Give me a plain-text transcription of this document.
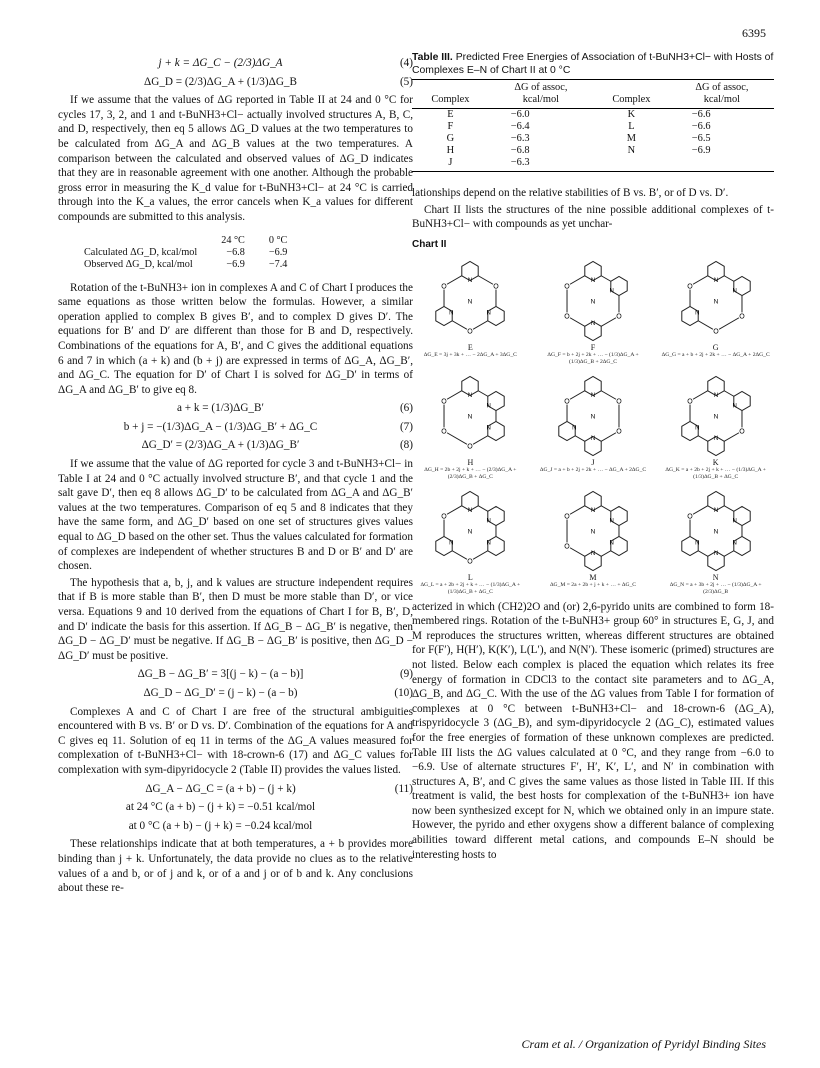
6395
j + k = ΔG_C − (2/3)ΔG_A	(4)
ΔG_D = (2/3)ΔG_A + (1/3)ΔG_B	(5)

If we assume that the values of ΔG reported in Table II at 24 and 0 °C for cycles 17, 3, 2, and 1 and t-BuNH3+Cl− actually involved structures A, B, C, and D, respectively, then eq 5 allows ΔG_D values at the two temperatures to be calculated from ΔG_A and ΔG_B values at the two temperatures. A comparison between the calculated and observed values of ΔG_D indicates that they are in reasonable agreement with one another. Although the probable gross error in measuring the K_d value for t-BuNH3+Cl− at 24 °C is carried through into the K_a values, the error cancels when K_a values for different compounds are submitted to this analysis.

	24 °C	0 °C
Calculated ΔG_D, kcal/mol	−6.8	−6.9
Observed ΔG_D, kcal/mol	−6.9	−7.4

Rotation of the t-BuNH3+ ion in complexes A and C of Chart I produces the same equations as those written below the formulas. However, a similar operation applied to complex B gives B′, and to complex D gives D′. The equations for B′ and D′ are different than those for B and D, respectively. Combinations of the equations for A, B′, and C gives the additional equations 6 and 7 in which (a + k) and (b + j) are expressed in terms of ΔG_A, ΔG_B′, and ΔG_C. The equation for D′ of Chart I is solved for ΔG_D′ in terms of ΔG_A and ΔG_B′ to give eq 8.

a + k = (1/3)ΔG_B′	(6)
b + j = −(1/3)ΔG_A − (1/3)ΔG_B′ + ΔG_C	(7)
ΔG_D′ = (2/3)ΔG_A + (1/3)ΔG_B′	(8)

If we assume that the value of ΔG reported for cycle 3 and t-BuNH3+Cl− in Table I at 24 and 0 °C actually involved structure B′, and that cycle 1 and the salt gave D′, then eq 8 allows ΔG_D′ to be calculated from ΔG_A and ΔG_B′ values at the two temperatures. Comparison of eq 5 and 8 indicates that they have the same form, and ΔG_D′ based on one set of structures gives values equal to ΔG_D based on the other set. Thus the values calculated for formation of complexes are independent of whether structures B and D or B′ and D′ are chosen.

The hypothesis that a, b, j, and k values are structure independent requires that if B is more stable than B′, then D must be more stable than D′, or vice versa. Equations 9 and 10 derived from the equations of Chart I for B, B′, D, and D′ indicate the basis for this assertion. If ΔG_B − ΔG_B′ is negative, then ΔG_D − ΔG_D′ must be negative. If ΔG_B − ΔG_B′ is positive, then ΔG_D − ΔG_D′ must be positive.

ΔG_B − ΔG_B′ = 3[(j − k) − (a − b)]	(9)
ΔG_D − ΔG_D′ = (j − k) − (a − b)	(10)

Complexes A and C of Chart I are free of the structural ambiguities encountered with B vs. B′ or D vs. D′. Combination of the equations for A and C gives eq 11. Solution of eq 11 in terms of the ΔG_A values measured for complexation of t-BuNH3+Cl− with 18-crown-6 (17) and ΔG_C values for complexation with sym-dipyridocycle 2 (Table II) provides the values listed.

ΔG_A − ΔG_C = (a + b) − (j + k)	(11)
at 24 °C (a + b) − (j + k) = −0.51 kcal/mol
at 0 °C (a + b) − (j + k) = −0.24 kcal/mol

These relationships indicate that at both temperatures, a + b provides more binding than j + k. Unfortunately, the data provide no clues as to the relative values of a and b, or of j and k, or of a and j or of b and k. Any conclusions about these re-

Table III. Predicted Free Energies of Association of t-BuNH3+Cl− with Hosts of Complexes E–N of Chart II at 0 °C
	ΔG of assoc,		ΔG of assoc,
Complex	kcal/mol	Complex	kcal/mol
E	−6.0	K	−6.6
F	−6.4	L	−6.6
G	−6.3	M	−6.5
H	−6.8	N	−6.9
J	−6.3		

lationships depend on the relative stabilities of B vs. B′, or of D vs. D′.

Chart II lists the structures of the nine possible additional complexes of t-BuNH3+Cl− with compounds as yet unchar-

Chart II
N
O
N
O
N
O
N
E
ΔG_E = 3j + 3k + … − 2ΔG_A + 3ΔG_C
N
N
O
N
O
O
N
F
ΔG_F = b + 2j + 2k + … − (1/3)ΔG_A + (1/3)ΔG_B + 2ΔG_C
N
N
O
O
N
O
N
G
ΔG_G = a + b + 2j + 2k + … − ΔG_A + 2ΔG_C
N
N
N
O
O
O
N
H
ΔG_H = 2b + 2j + k + … − (2/3)ΔG_A + (2/3)ΔG_B + ΔG_C
N
O
O
N
N
O
N
J
ΔG_J = a + b + 2j + 2k + … − ΔG_A + 2ΔG_C
N
N
O
N
N
O
N
K
ΔG_K = a + 2b + 2j + k + … − (1/3)ΔG_A + (1/3)ΔG_B + ΔG_C
N
N
N
O
N
O
N
L
ΔG_L = a + 2b + 2j + k + … − (1/3)ΔG_A + (1/3)ΔG_B + ΔG_C
N
N
N
N
O
O
N
M
ΔG_M = 2a + 2b + j + k + … + ΔG_C
N
N
N
N
N
O
N
N
ΔG_N = a + 3b + 2j + … − (1/3)ΔG_A + (2/3)ΔG_B

acterized in which (CH2)2O and (or) 2,6-pyrido units are combined to form 18-membered rings. Rotation of the t-BuNH3+ group 60° in structures E, G, J, and M reproduces the structures written, whereas different structures are obtained for F(F′), H(H′), K(K′), L(L′), and N(N′). These isomeric (primed) structures are not listed. Below each complex is placed the equation which relates its free energy of formation in CDCl3 to the contact site parameters and to ΔG_A, ΔG_B, and ΔG_C. With the use of the ΔG values from Table I for formation of complexes at 0 °C between t-BuNH3+Cl− and 18-crown-6 (ΔG_A), trispyridocycle 3 (ΔG_B), and sym-dipyridocycle 2 (ΔG_C), estimated values for the free energies of formation of these unknown complexes are predicted. Table III lists the ΔG values calculated at 0 °C, and they range from −6.0 to −6.9. Use of alternate structures F′, H′, K′, L′, and N′ in combination with structures A, B′, and C gives the same values as those listed in Table III. If this treatment is valid, the best hosts for complexation of the t-BuNH3+ ion have now been synthesized except for N, which we obtained only in an impure state. However, the pyrido and ether oxygens show a different balance of complexing abilities toward different metal cations, and compounds E–N should be interesting hosts to

Cram et al. / Organization of Pyridyl Binding Sites
